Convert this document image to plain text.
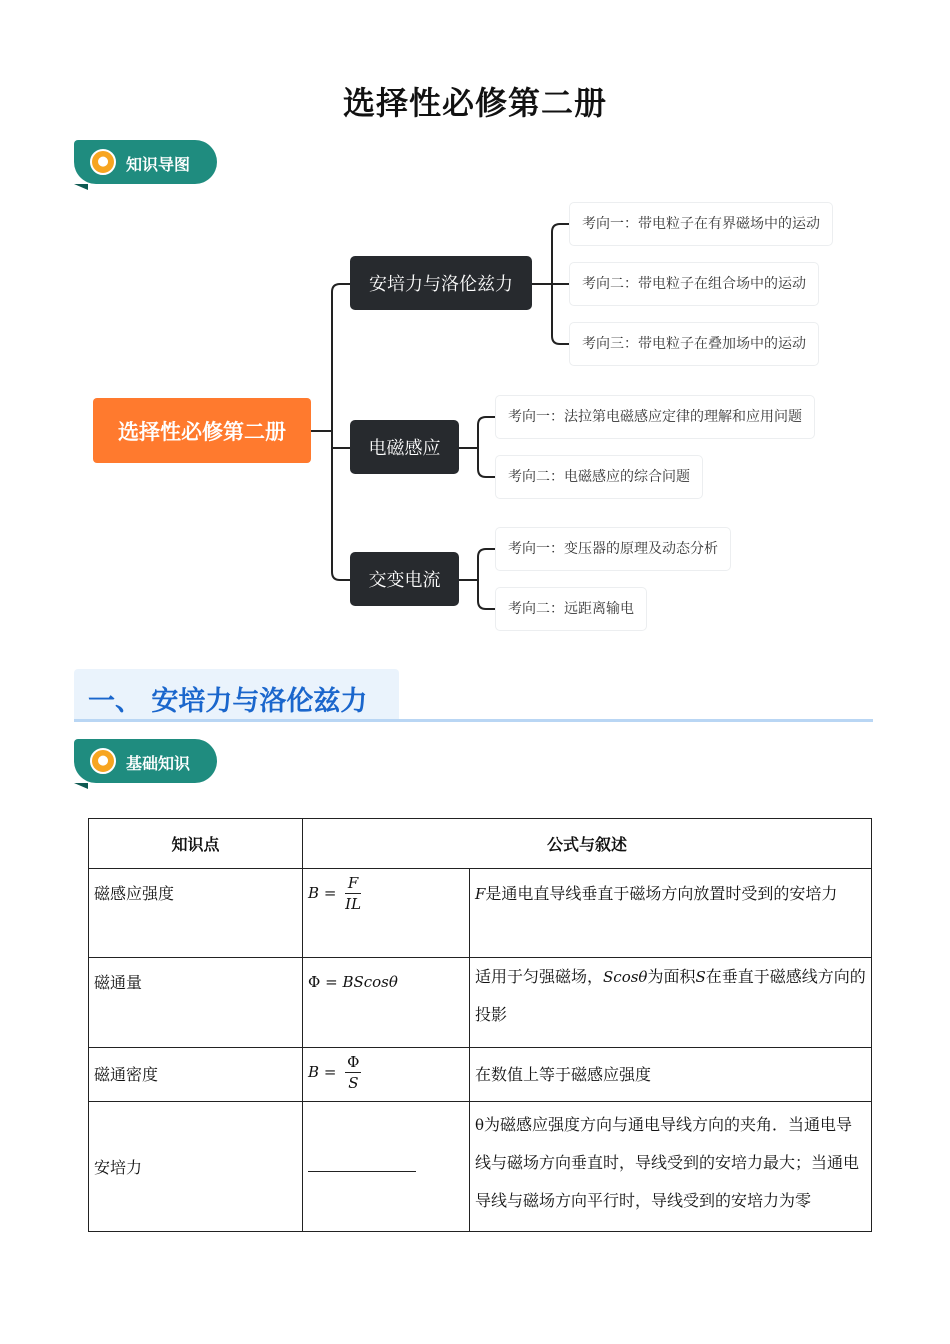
选择性必修第二册
●	知识导图
选择性必修第二册
安培力与洛伦兹力
电磁感应
交变电流
考向一：带电粒子在有界磁场中的运动
考向二：带电粒子在组合场中的运动
考向三：带电粒子在叠加场中的运动
考向一：法拉第电磁感应定律的理解和应用问题
考向二：电磁感应的综合问题
考向一：变压器的原理及动态分析
考向二：远距离输电
一、 安培力与洛伦兹力
●	基础知识
知识点	公式与叙述	
磁感应强度	$B = \frac{F}{IL}$	F是通电直导线垂直于磁场方向放置时受到的安培力
磁通量	Φ = BScosθ	适用于匀强磁场，Scosθ为面积S在垂直于磁感线方向的投影
磁通密度	$B = \frac{\Phi}{S}$	在数值上等于磁感应强度
安培力		θ为磁感应强度方向与通电导线方向的夹角．当通电导线与磁场方向垂直时，导线受到的安培力最大；当通电导线与磁场方向平行时，导线受到的安培力为零
